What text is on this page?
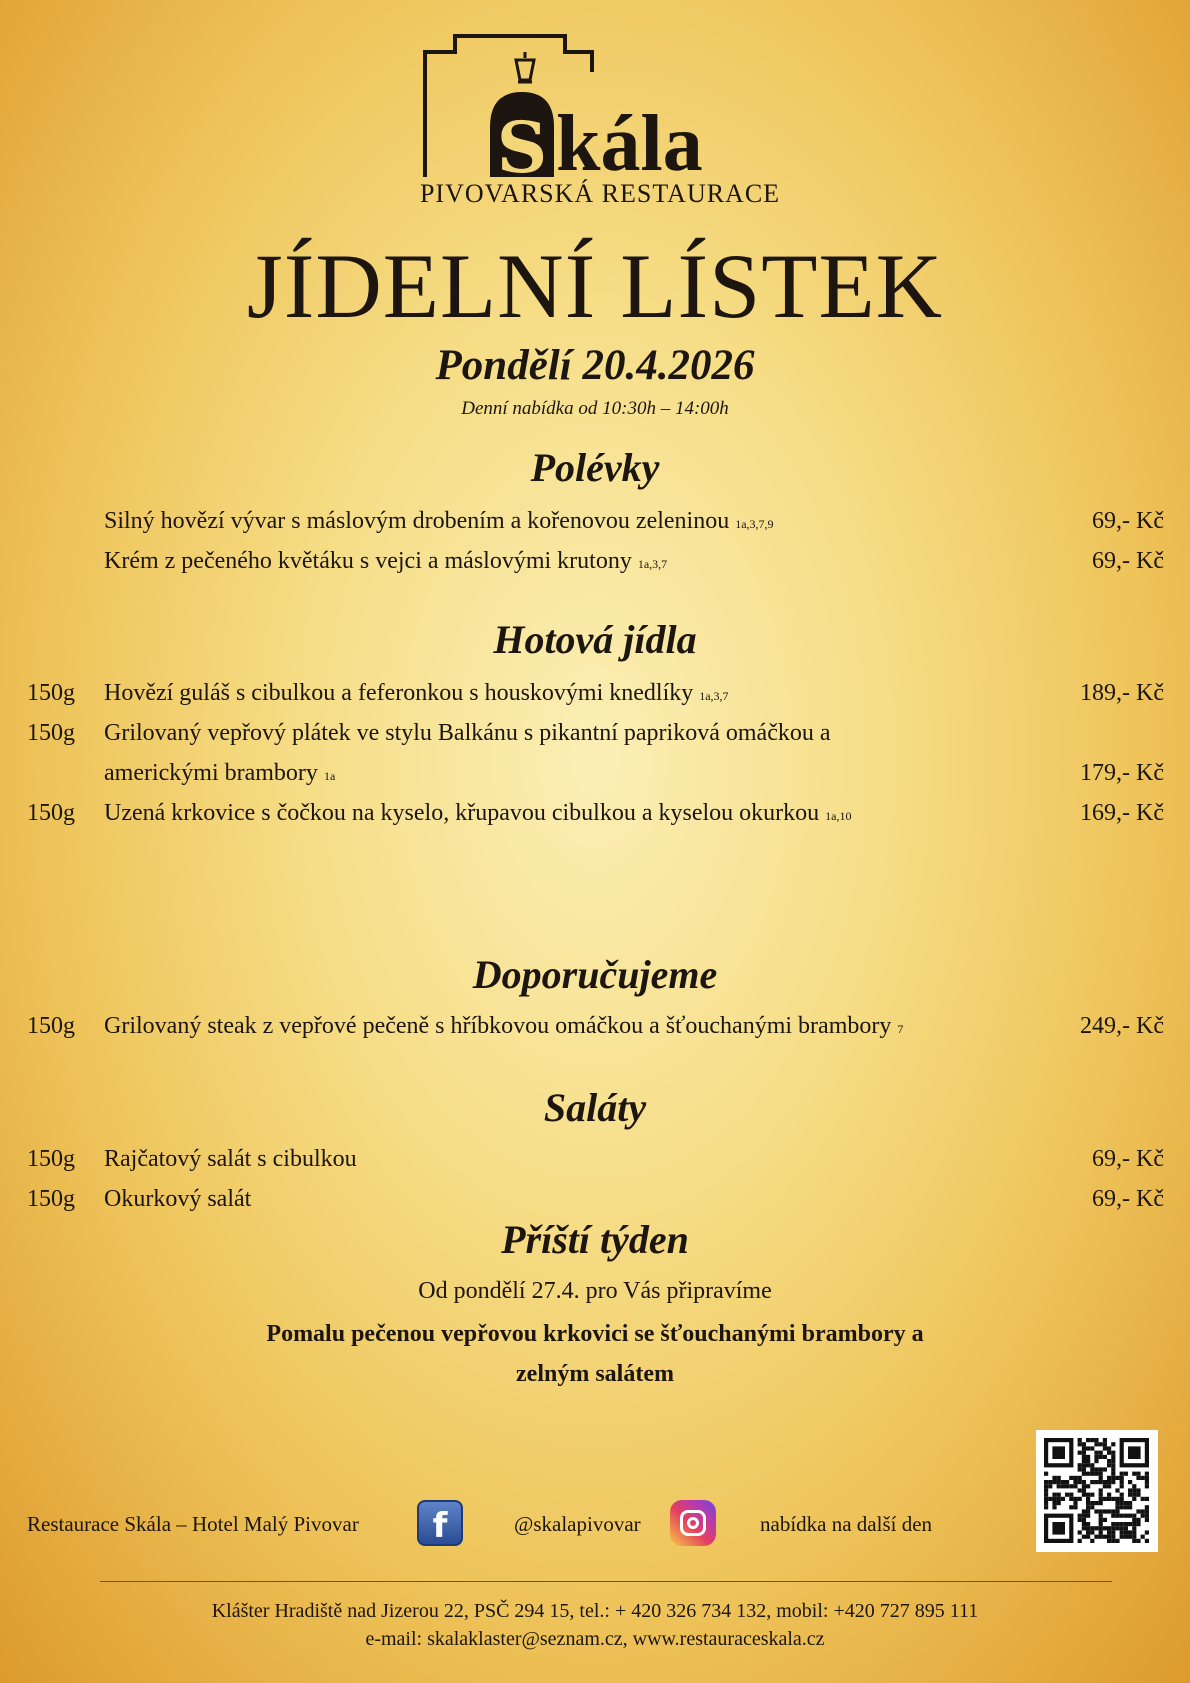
S kála
PIVOVARSKÁ RESTAURACE
JÍDELNÍ LÍSTEK
Pondělí 20.4.2026
Denní nabídka od 10:30h – 14:00h
Polévky
Silný hovězí vývar s máslovým drobením a kořenovou zeleninou 1a,3,7,9	69,- Kč
Krém z pečeného květáku s vejci a máslovými krutony 1a,3,7	69,- Kč
Hotová jídla
150g Hovězí guláš s cibulkou a feferonkou s houskovými knedlíky 1a,3,7	189,- Kč
150g Grilovaný vepřový plátek ve stylu Balkánu s pikantní papriková omáčkou a
americkými brambory 1a	179,- Kč
150g Uzená krkovice s čočkou na kyselo, křupavou cibulkou a kyselou okurkou 1a,10	169,- Kč
Doporučujeme
150g Grilovaný steak z vepřové pečeně s hříbkovou omáčkou a šťouchanými brambory 7	249,- Kč
Saláty
150g Rajčatový salát s cibulkou	69,- Kč
150g Okurkový salát	69,- Kč
Příští týden
Od pondělí 27.4. pro Vás připravíme
Pomalu pečenou vepřovou krkovici se šťouchanými brambory a
zelným salátem
Restaurace Skála – Hotel Malý Pivovar	f	@skalapivovar	nabídka na další den
Klášter Hradiště nad Jizerou 22, PSČ 294 15, tel.: + 420 326 734 132, mobil: +420 727 895 111
e-mail: skalaklaster@seznam.cz, www.restauraceskala.cz
